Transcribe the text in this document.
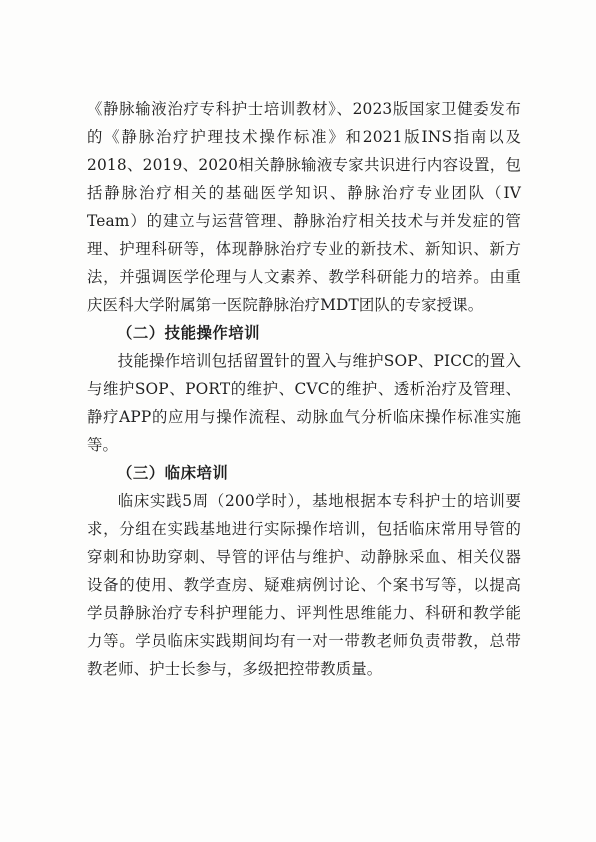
《静脉输液治疗专科护士培训教材》、2023版国家卫健委发布的《静脉治疗护理技术操作标准》和2021版INS指南以及2018、2019、2020相关静脉输液专家共识进行内容设置，包括静脉治疗相关的基础医学知识、静脉治疗专业团队（IV Team）的建立与运营管理、静脉治疗相关技术与并发症的管理、护理科研等，体现静脉治疗专业的新技术、新知识、新方法，并强调医学伦理与人文素养、教学科研能力的培养。由重庆医科大学附属第一医院静脉治疗MDT团队的专家授课。

（二）技能操作培训

技能操作培训包括留置针的置入与维护SOP、PICC的置入与维护SOP、PORT的维护、CVC的维护、透析治疗及管理、静疗APP的应用与操作流程、动脉血气分析临床操作标准实施等。

（三）临床培训

临床实践5周（200学时），基地根据本专科护士的培训要求，分组在实践基地进行实际操作培训，包括临床常用导管的穿刺和协助穿刺、导管的评估与维护、动静脉采血、相关仪器设备的使用、教学查房、疑难病例讨论、个案书写等，以提高学员静脉治疗专科护理能力、评判性思维能力、科研和教学能力等。学员临床实践期间均有一对一带教老师负责带教，总带教老师、护士长参与，多级把控带教质量。
